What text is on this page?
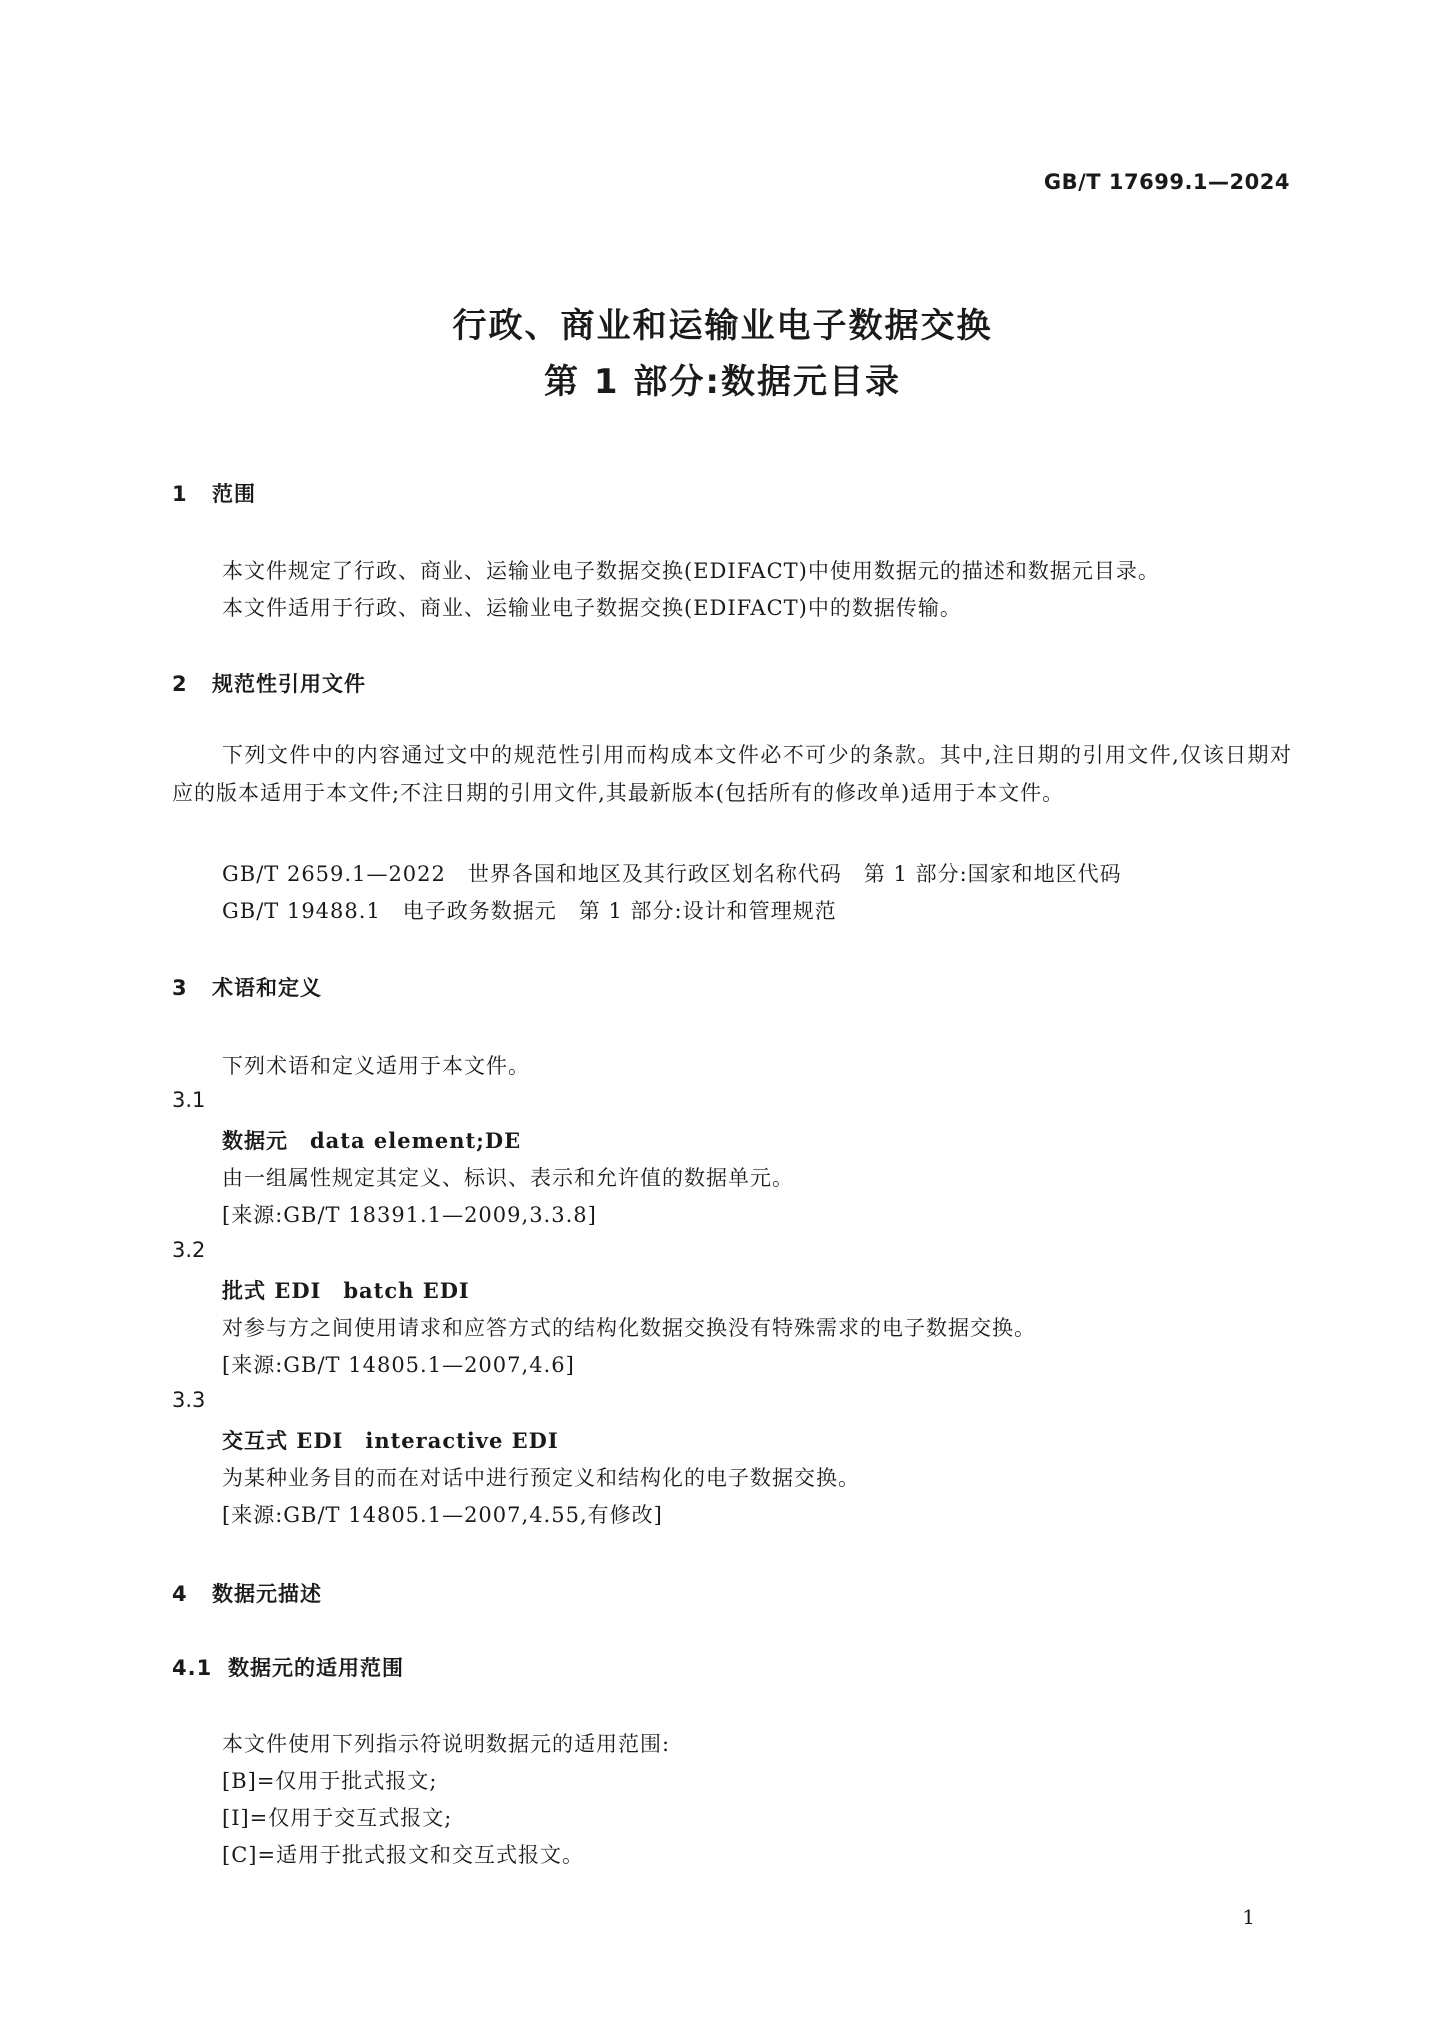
GB/T 17699.1—2024
行政、商业和运输业电子数据交换
第 1 部分:数据元目录
1 范围
本文件规定了行政、商业、运输业电子数据交换(EDIFACT)中使用数据元的描述和数据元目录。
本文件适用于行政、商业、运输业电子数据交换(EDIFACT)中的数据传输。
2 规范性引用文件
下列文件中的内容通过文中的规范性引用而构成本文件必不可少的条款。其中,注日期的引用文件,仅该日期对应的版本适用于本文件;不注日期的引用文件,其最新版本(包括所有的修改单)适用于本文件。
GB/T 2659.1—2022　世界各国和地区及其行政区划名称代码　第 1 部分:国家和地区代码
GB/T 19488.1　电子政务数据元　第 1 部分:设计和管理规范
3 术语和定义
下列术语和定义适用于本文件。
3.1
数据元 data element;DE
由一组属性规定其定义、标识、表示和允许值的数据单元。
[来源:GB/T 18391.1—2009,3.3.8]
3.2
批式 EDI batch EDI
对参与方之间使用请求和应答方式的结构化数据交换没有特殊需求的电子数据交换。
[来源:GB/T 14805.1—2007,4.6]
3.3
交互式 EDI interactive EDI
为某种业务目的而在对话中进行预定义和结构化的电子数据交换。
[来源:GB/T 14805.1—2007,4.55,有修改]
4 数据元描述
4.1 数据元的适用范围
本文件使用下列指示符说明数据元的适用范围:
[B]=仅用于批式报文;
[I]=仅用于交互式报文;
[C]=适用于批式报文和交互式报文。
1
